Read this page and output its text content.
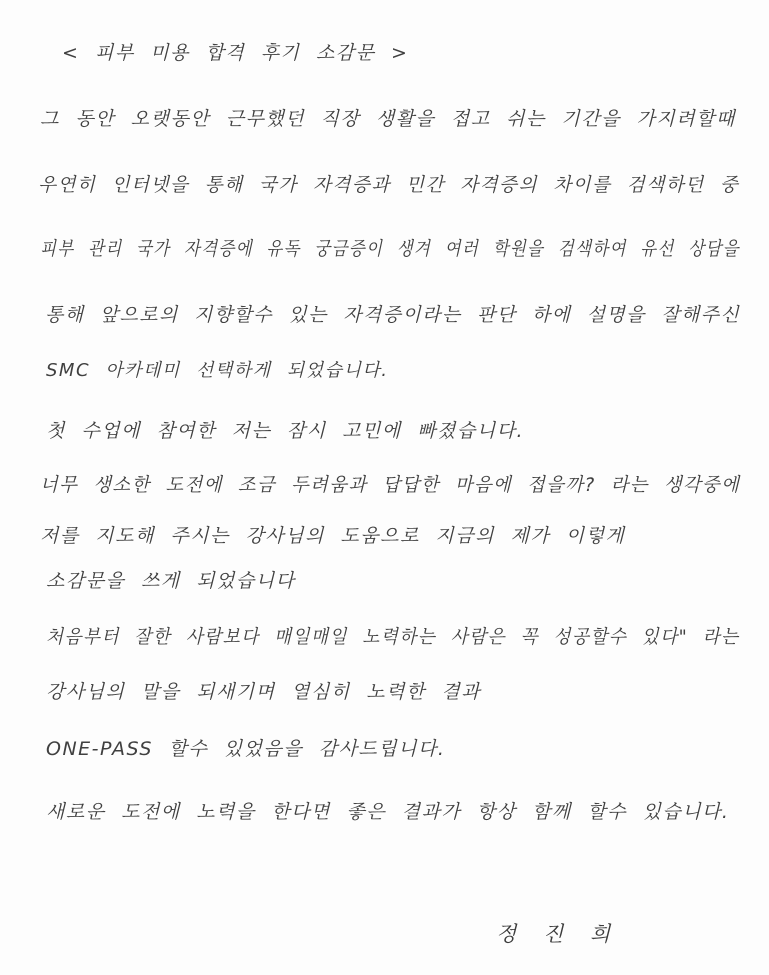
< 피부 미용 합격 후기 소감문 >
그 동안 오랫동안 근무했던 직장 생활을 접고 쉬는 기간을 가지려할때
우연히 인터넷을 통해 국가 자격증과 민간 자격증의 차이를 검색하던 중
피부 관리 국가 자격증에 유독 궁금증이 생겨 여러 학원을 검색하여 유선 상담을
통해 앞으로의 지향할수 있는 자격증이라는 판단 하에 설명을 잘해주신
SMC 아카데미 선택하게 되었습니다.
첫 수업에 참여한 저는 잠시 고민에 빠졌습니다.
너무 생소한 도전에 조금 두려움과 답답한 마음에 접을까? 라는 생각중에
저를 지도해 주시는 강사님의 도움으로 지금의 제가 이렇게
소감문을 쓰게 되었습니다
처음부터 잘한 사람보다 매일매일 노력하는 사람은 꼭 성공할수 있다" 라는
강사님의 말을 되새기며 열심히 노력한 결과
ONE-PASS 할수 있었음을 감사드립니다.
새로운 도전에 노력을 한다면 좋은 결과가 항상 함께 할수 있습니다.
정 진 희
